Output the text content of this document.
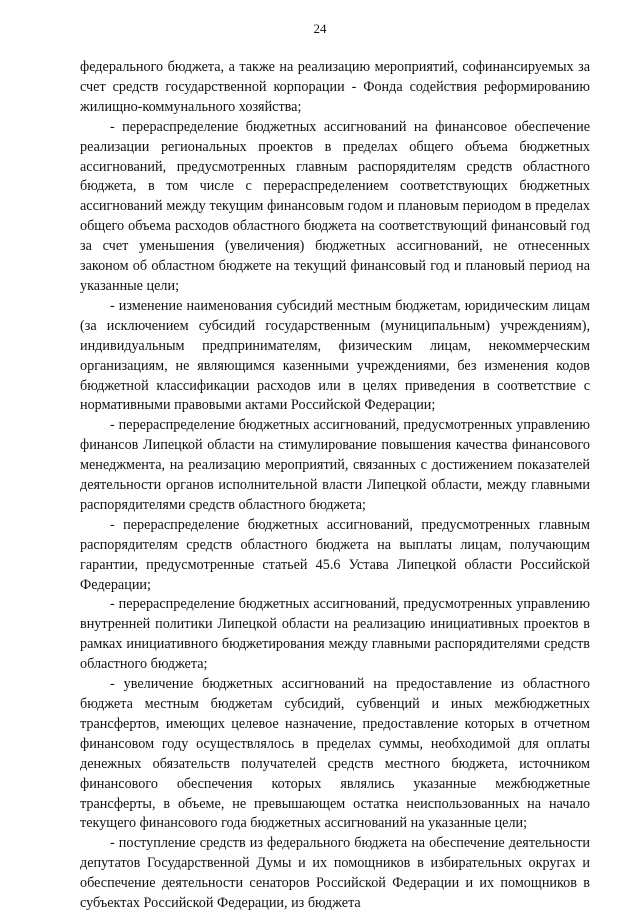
24

федерального бюджета, а также на реализацию мероприятий, софинансируемых за счет средств государственной корпорации - Фонда содействия реформированию жилищно-коммунального хозяйства;

- перераспределение бюджетных ассигнований на финансовое обеспечение реализации региональных проектов в пределах общего объема бюджетных ассигнований, предусмотренных главным распорядителям средств областного бюджета, в том числе с перераспределением соответствующих бюджетных ассигнований между текущим финансовым годом и плановым периодом в пределах общего объема расходов областного бюджета на соответствующий финансовый год за счет уменьшения (увеличения) бюджетных ассигнований, не отнесенных законом об областном бюджете на текущий финансовый год и плановый период на указанные цели;

- изменение наименования субсидий местным бюджетам, юридическим лицам (за исключением субсидий государственным (муниципальным) учреждениям), индивидуальным предпринимателям, физическим лицам, некоммерческим организациям, не являющимся казенными учреждениями, без изменения кодов бюджетной классификации расходов или в целях приведения в соответствие с нормативными правовыми актами Российской Федерации;

- перераспределение бюджетных ассигнований, предусмотренных управлению финансов Липецкой области на стимулирование повышения качества финансового менеджмента, на реализацию мероприятий, связанных с достижением показателей деятельности органов исполнительной власти Липецкой области, между главными распорядителями средств областного бюджета;

- перераспределение бюджетных ассигнований, предусмотренных главным распорядителям средств областного бюджета на выплаты лицам, получающим гарантии, предусмотренные статьей 45.6 Устава Липецкой области Российской Федерации;

- перераспределение бюджетных ассигнований, предусмотренных управлению внутренней политики Липецкой области на реализацию инициативных проектов в рамках инициативного бюджетирования между главными распорядителями средств областного бюджета;

- увеличение бюджетных ассигнований на предоставление из областного бюджета местным бюджетам субсидий, субвенций и иных межбюджетных трансфертов, имеющих целевое назначение, предоставление которых в отчетном финансовом году осуществлялось в пределах суммы, необходимой для оплаты денежных обязательств получателей средств местного бюджета, источником финансового обеспечения которых являлись указанные межбюджетные трансферты, в объеме, не превышающем остатка неиспользованных на начало текущего финансового года бюджетных ассигнований на указанные цели;

- поступление средств из федерального бюджета на обеспечение деятельности депутатов Государственной Думы и их помощников в избирательных округах и обеспечение деятельности сенаторов Российской Федерации и их помощников в субъектах Российской Федерации, из бюджета
